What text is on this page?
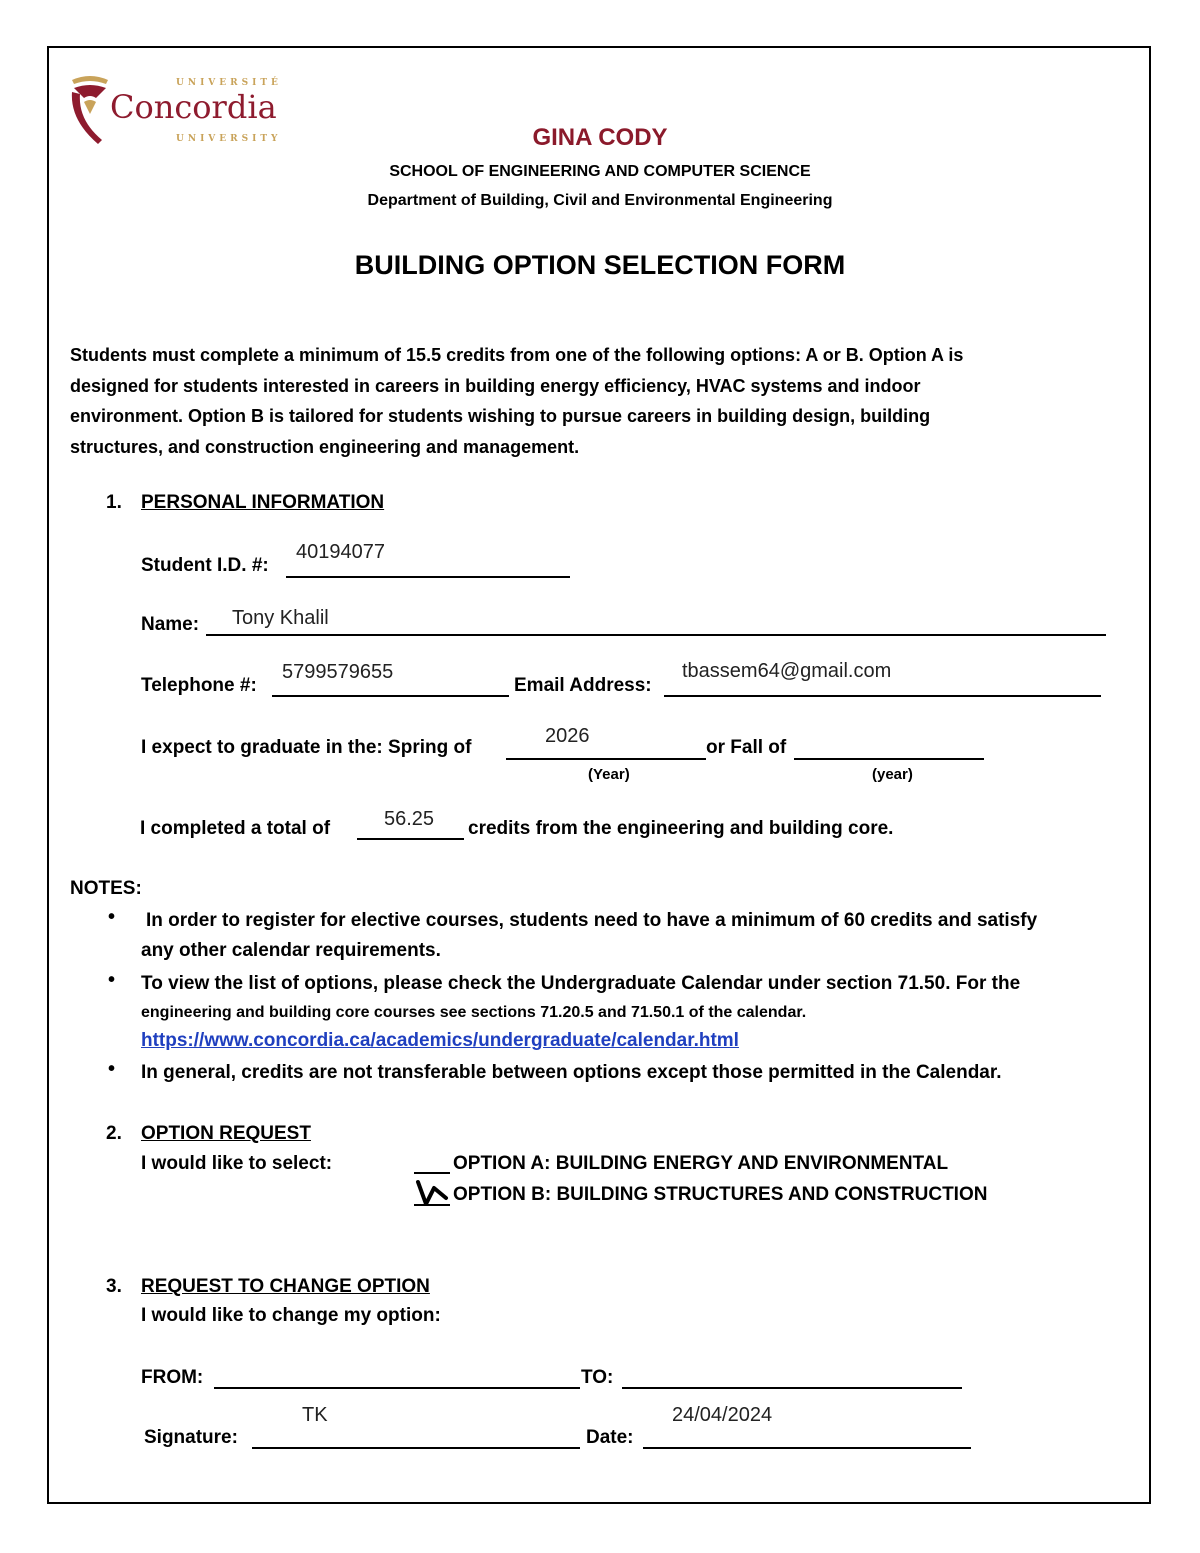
UNIVERSITÉ
Concordia
UNIVERSITY	GINA CODY
SCHOOL OF ENGINEERING AND COMPUTER SCIENCE
Department of Building, Civil and Environmental Engineering
BUILDING OPTION SELECTION FORM
Students must complete a minimum of 15.5 credits from one of the following options: A or B. Option A is
designed for students interested in careers in building energy efficiency, HVAC systems and indoor
environment. Option B is tailored for students wishing to pursue careers in building design, building
structures, and construction engineering and management.
1. PERSONAL INFORMATION
Student I.D. #:
40194077
Name: Tony Khalil
Telephone #:
5799579655
Email Address:
tbassem64@gmail.com
I expect to graduate in the: Spring of
2026
or Fall of
(Year)	(year)
I completed a total of	56.25 credits from the engineering and building core.
NOTES:
• In order to register for elective courses, students need to have a minimum of 60 credits and satisfy
any other calendar requirements.
• To view the list of options, please check the Undergraduate Calendar under section 71.50. For the
engineering and building core courses see sections 71.20.5 and 71.50.1 of the calendar.
https://www.concordia.ca/academics/undergraduate/calendar.html
• In general, credits are not transferable between options except those permitted in the Calendar.
2. OPTION REQUEST
I would like to select:	OPTION A: BUILDING ENERGY AND ENVIRONMENTAL
OPTION B: BUILDING STRUCTURES AND CONSTRUCTION
3. REQUEST TO CHANGE OPTION
I would like to change my option:
FROM:	TO:
Signature:
TK
Date:
24/04/2024
